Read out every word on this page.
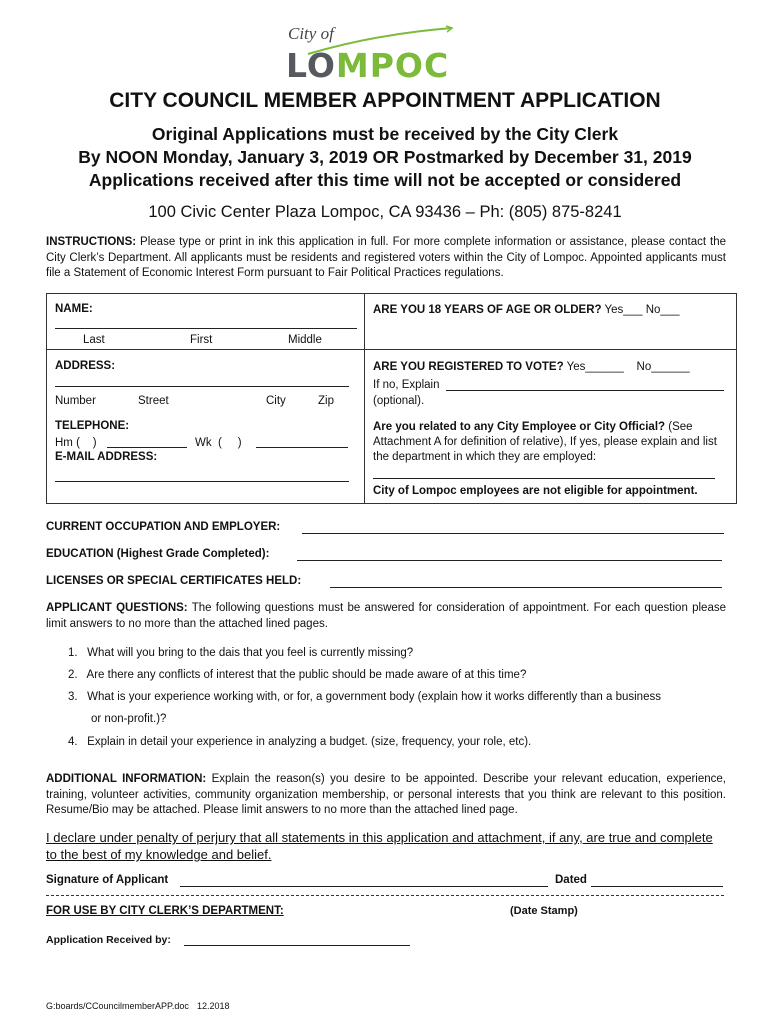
City of
LOMPOC
CITY COUNCIL MEMBER APPOINTMENT APPLICATION
Original Applications must be received by the City Clerk
By NOON Monday, January 3, 2019 OR Postmarked by December 31, 2019
Applications received after this time will not be accepted or considered
100 Civic Center Plaza Lompoc, CA 93436 – Ph: (805) 875-8241
INSTRUCTIONS: Please type or print in ink this application in full. For more complete information or assistance, please contact the City Clerk’s Department. All applicants must be residents and registered voters within the City of Lompoc. Appointed applicants must file a Statement of Economic Interest Form pursuant to Fair Political Practices regulations.
NAME:
Last	First	Middle
ADDRESS:
Number	Street	City	Zip
TELEPHONE:
Hm (    )	Wk  (     )
E-MAIL ADDRESS:
ARE YOU 18 YEARS OF AGE OR OLDER? Yes___ No___
ARE YOU REGISTERED TO VOTE? Yes______ No______
If no, Explain
(optional).
Are you related to any City Employee or City Official? (See Attachment A for definition of relative), If yes, please explain and list the department in which they are employed:
City of Lompoc employees are not eligible for appointment.
CURRENT OCCUPATION AND EMPLOYER:
EDUCATION (Highest Grade Completed):
LICENSES OR SPECIAL CERTIFICATES HELD:
APPLICANT QUESTIONS: The following questions must be answered for consideration of appointment. For each question please limit answers to no more than the attached lined pages.
1.   What will you bring to the dais that you feel is currently missing?
2.   Are there any conflicts of interest that the public should be made aware of at this time?
3.   What is your experience working with, or for, a government body (explain how it works differently than a business
or non-profit.)?
4.   Explain in detail your experience in analyzing a budget. (size, frequency, your role, etc).
ADDITIONAL INFORMATION: Explain the reason(s) you desire to be appointed. Describe your relevant education, experience, training, volunteer activities, community organization membership, or personal interests that you think are relevant to this position. Resume/Bio may be attached. Please limit answers to no more than the attached lined page.
I declare under penalty of perjury that all statements in this application and attachment, if any, are true and complete to the best of my knowledge and belief.
Signature of Applicant	Dated
FOR USE BY CITY CLERK’S DEPARTMENT:	(Date Stamp)
Application Received by:
G:boards/CCouncilmemberAPP.doc 12.2018
